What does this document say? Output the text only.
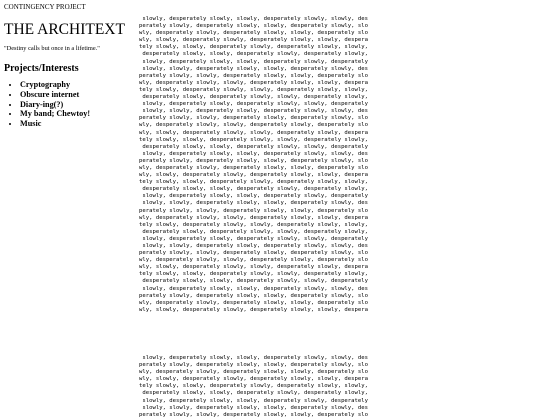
CONTINGENCY PROJECT

THE ARCHITEXT

"Destiny calls but once in a lifetime."

Projects/Interests
• Cryptography
• Obscure internet
• Diary-ing(?)
• My band; Chewtoy!
• Music
slowly, desperately slowly, slowly, desperately slowly, slowly, des
perately slowly, desperately slowly, slowly, desperately slowly, slo
wly, desperately slowly, desperately slowly, slowly, desperately slo
wly, slowly, desperately slowly, desperately slowly, slowly, despera
tely slowly, slowly, desperately slowly, desperately slowly, slowly,
desperately slowly, slowly, desperately slowly, desperately slowly,
slowly, desperately slowly, slowly, desperately slowly, desperately
slowly, slowly, desperately slowly, slowly, desperately slowly, des
perately slowly, slowly, desperately slowly, slowly, desperately slo
wly, desperately slowly, slowly, desperately slowly, slowly, despera
tely slowly, desperately slowly, slowly, desperately slowly, slowly,
desperately slowly, desperately slowly, slowly, desperately slowly,
slowly, desperately slowly, desperately slowly, slowly, desperately
slowly, slowly, desperately slowly, desperately slowly, slowly, des
perately slowly, slowly, desperately slowly, desperately slowly, slo
wly, desperately slowly, slowly, desperately slowly, desperately slo
wly, slowly, desperately slowly, slowly, desperately slowly, despera
tely slowly, slowly, desperately slowly, slowly, desperately slowly,
desperately slowly, slowly, desperately slowly, slowly, desperately
slowly, desperately slowly, slowly, desperately slowly, slowly, des
perately slowly, desperately slowly, slowly, desperately slowly, slo
wly, desperately slowly, desperately slowly, slowly, desperately slo
wly, slowly, desperately slowly, desperately slowly, slowly, despera
tely slowly, slowly, desperately slowly, desperately slowly, slowly,
desperately slowly, slowly, desperately slowly, desperately slowly,
slowly, desperately slowly, slowly, desperately slowly, desperately
slowly, slowly, desperately slowly, slowly, desperately slowly, des
perately slowly, slowly, desperately slowly, slowly, desperately slo
wly, desperately slowly, slowly, desperately slowly, slowly, despera
tely slowly, desperately slowly, slowly, desperately slowly, slowly,
desperately slowly, desperately slowly, slowly, desperately slowly,
slowly, desperately slowly, desperately slowly, slowly, desperately
slowly, slowly, desperately slowly, desperately slowly, slowly, des
perately slowly, slowly, desperately slowly, desperately slowly, slo
wly, desperately slowly, slowly, desperately slowly, desperately slo
wly, slowly, desperately slowly, slowly, desperately slowly, despera
tely slowly, slowly, desperately slowly, slowly, desperately slowly,
desperately slowly, slowly, desperately slowly, slowly, desperately
slowly, desperately slowly, slowly, desperately slowly, slowly, des
perately slowly, desperately slowly, slowly, desperately slowly, slo
wly, desperately slowly, desperately slowly, slowly, desperately slo
wly, slowly, desperately slowly, desperately slowly, slowly, despera
slowly, desperately slowly, slowly, desperately slowly, slowly, des
perately slowly, desperately slowly, slowly, desperately slowly, slo
wly, desperately slowly, desperately slowly, slowly, desperately slo
wly, slowly, desperately slowly, desperately slowly, slowly, despera
tely slowly, slowly, desperately slowly, desperately slowly, slowly,
desperately slowly, slowly, desperately slowly, desperately slowly,
slowly, desperately slowly, slowly, desperately slowly, desperately
slowly, slowly, desperately slowly, slowly, desperately slowly, des
perately slowly, slowly, desperately slowly, slowly, desperately slo
